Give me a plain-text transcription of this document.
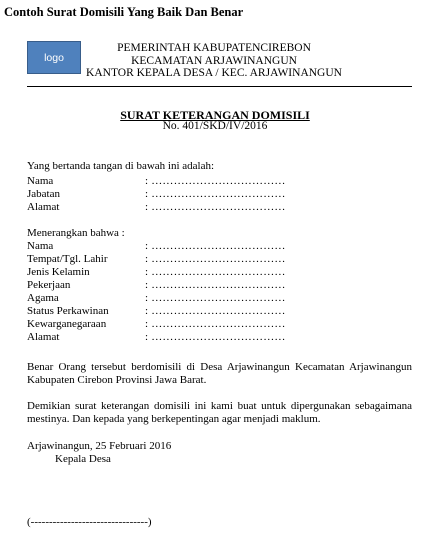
Contoh Surat Domisili Yang Baik Dan Benar
logo
PEMERINTAH KABUPATENCIREBON
KECAMATAN ARJAWINANGUN
KANTOR KEPALA DESA / KEC. ARJAWINANGUN
SURAT KETERANGAN DOMISILI
No. 401/SKD/IV/2016
Yang bertanda tangan di bawah ini adalah:
Nama	: ………………………………
Jabatan	: ………………………………
Alamat	: ………………………………
Menerangkan bahwa :
Nama	: ………………………………
Tempat/Tgl. Lahir	: ………………………………
Jenis Kelamin	: ………………………………
Pekerjaan	: ………………………………
Agama	: ………………………………
Status Perkawinan	: ………………………………
Kewarganegaraan	: ………………………………
Alamat	: ………………………………
Benar Orang tersebut berdomisili di Desa Arjawinangun Kecamatan Arjawinangun Kabupaten Cirebon Provinsi Jawa Barat.
Demikian surat keterangan domisili ini kami buat untuk dipergunakan sebagaimana mestinya. Dan kepada yang berkepentingan agar menjadi maklum.
Arjawinangun, 25 Februari 2016
Kepala Desa
(--------------------------------)
